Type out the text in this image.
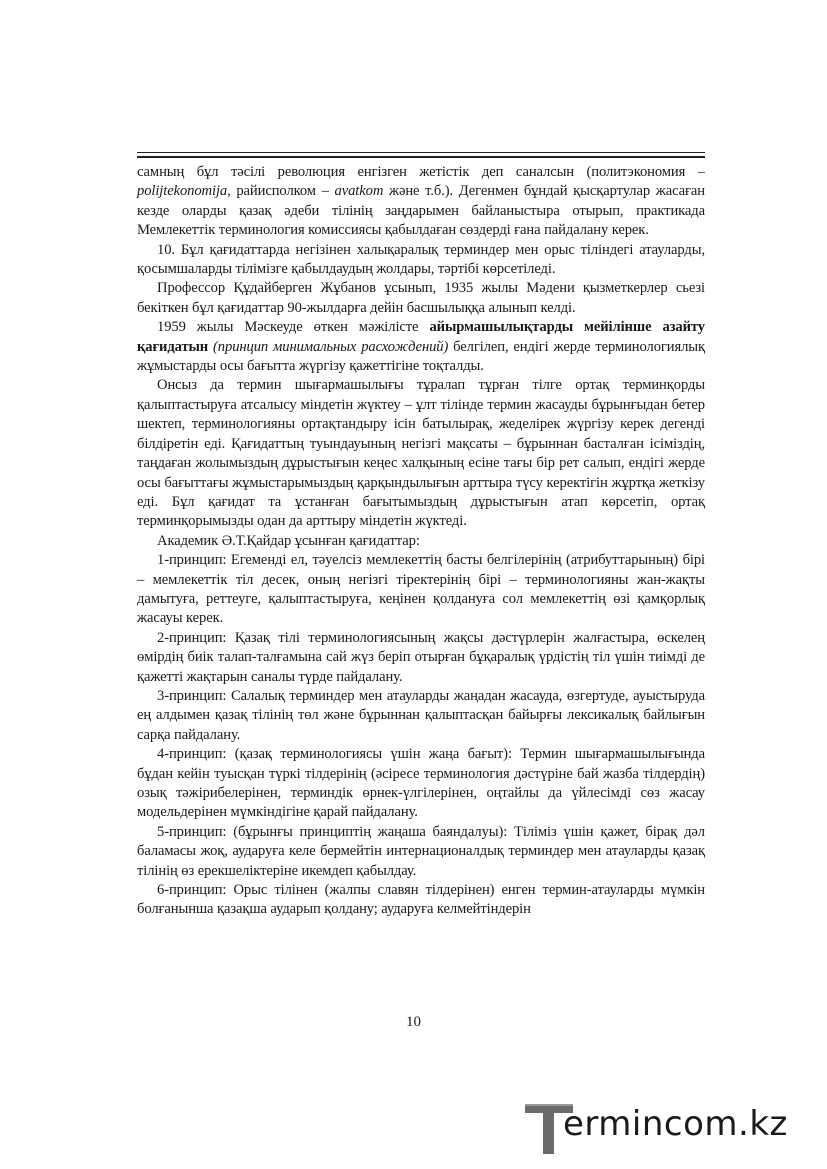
самның бұл тәсілі революция енгізген жетістік деп саналсын (политэкономия – polijtekonomija, райисполком – avatkom және т.б.). Дегенмен бұндай қысқартулар жасаған кезде оларды қазақ әдеби тілінің заңдарымен байланыстыра отырып, практикада Мемлекеттік терминология комиссиясы қабылдаған сөздерді ғана пайдалану керек.

10. Бұл қағидаттарда негізінен халықаралық терминдер мен орыс тіліндегі атауларды, қосымшаларды тілімізге қабылдаудың жолдары, тәртібі көрсетіледі.

Профессор Құдайберген Жұбанов ұсынып, 1935 жылы Мәдени қызметкерлер сьезі бекіткен бұл қағидаттар 90-жылдарға дейін басшылыққа алынып келді.

1959 жылы Мәскеуде өткен мәжілісте айырмашылықтарды мейілінше азайту қағидатын (принцип минимальных расхождений) белгілеп, ендігі жерде терминологиялық жұмыстарды осы бағытта жүргізу қажеттігіне тоқталды.

Онсыз да термин шығармашылығы тұралап тұрған тілге ортақ терминқорды қалыптастыруға атсалысу міндетін жүктеу – ұлт тілінде термин жасауды бұрынғыдан бетер шектеп, терминологияны ортақтандыру ісін батылырақ, жеделірек жүргізу керек дегенді білдіретін еді. Қағидаттың туындауының негізгі мақсаты – бұрыннан басталған ісіміздің, таңдаған жолымыздың дұрыстығын кеңес халқының есіне тағы бір рет салып, ендігі жерде осы бағыттағы жұмыстарымыздың қарқындылығын арттыра түсу керектігін жұртқа жеткізу еді. Бұл қағидат та ұстанған бағытымыздың дұрыстығын атап көрсетіп, ортақ терминқорымызды одан да арттыру міндетін жүктеді.

Академик Ә.Т.Қайдар ұсынған қағидаттар:

1-принцип: Егеменді ел, тәуелсіз мемлекеттің басты белгілерінің (атрибуттарының) бірі – мемлекеттік тіл десек, оның негізгі тіректерінің бірі – терминологияны жан-жақты дамытуға, реттеуге, қалыптастыруға, кеңінен қолдануға сол мемлекеттің өзі қамқорлық жасауы керек.

2-принцип: Қазақ тілі терминологиясының жақсы дәстүрлерін жалғастыра, өскелең өмірдің биік талап-талғамына сай жүз беріп отырған бұқаралық үрдістің тіл үшін тиімді де қажетті жақтарын саналы түрде пайдалану.

3-принцип: Салалық терминдер мен атауларды жаңадан жасауда, өзгертуде, ауыстыруда ең алдымен қазақ тілінің төл және бұрыннан қалыптасқан байырғы лексикалық байлығын сарқа пайдалану.

4-принцип: (қазақ терминологиясы үшін жаңа бағыт): Термин шығармашылығында бұдан кейін туысқан түркі тілдерінің (әсіресе терминология дәстүріне бай жазба тілдердің) озық тәжірибелерінен, терминдік өрнек-үлгілерінен, оңтайлы да үйлесімді сөз жасау модельдерінен мүмкіндігіне қарай пайдалану.

5-принцип: (бұрынғы принциптің жаңаша баяндалуы): Тіліміз үшін қажет, бірақ дәл баламасы жоқ, аударуға келе бермейтін интернационалдық терминдер мен атауларды қазақ тілінің өз ерекшеліктеріне икемдеп қабылдау.

6-принцип: Орыс тілінен (жалпы славян тілдерінен) енген термин-атауларды мүмкін болғанынша қазақша аударып қолдану; аударуға келмейтіндерін

10
ermincom.kz
